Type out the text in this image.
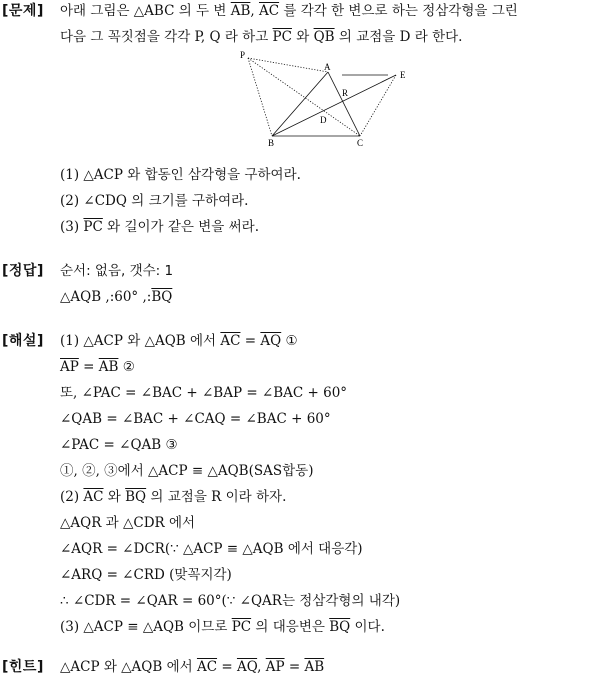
[문제] 아래 그림은 △ABC 의 두 변 $\overline{AB}$, $\overline{AC}$ 를 각각 한 변으로 하는 정삼각형을 그린
다음 그 꼭짓점을 각각 P, Q 라 하고 $\overline{PC}$ 와 $\overline{QB}$ 의 교점을 D 라 한다.
P
A
E
R
D
B	C
(1) △ACP 와 합동인 삼각형을 구하여라.
(2) ∠CDQ 의 크기를 구하여라.
(3) $\overline{PC}$ 와 길이가 같은 변을 써라.
[정답] 순서: 없음, 갯수: 1
△AQB ,:60° $,:\overline{BQ}$
[해설] (1) △ACP 와 △AQB 에서 $\overline{AC} = \overline{AQ}$ ①
$\overline{AP} = \overline{AB}$ ②
또, ∠PAC = ∠BAC + ∠BAP = ∠BAC + 60°
∠QAB = ∠BAC + ∠CAQ = ∠BAC + 60°
∠PAC = ∠QAB ③
①, ②, ③에서 △ACP ≡ △AQB(SAS합동)
(2) $\overline{AC}$ 와 $\overline{BQ}$ 의 교점을 R 이라 하자.
△AQR 과 △CDR 에서
∠AQR = ∠DCR(∵ △ACP ≡ △AQB 에서 대응각)
∠ARQ = ∠CRD (맞꼭지각)
∴ ∠CDR = ∠QAR = 60°(∵ ∠QAR는 정삼각형의 내각)
(3) △ACP ≡ △AQB 이므로 $\overline{PC}$ 의 대응변은 $\overline{BQ}$ 이다.
[힌트] △ACP 와 △AQB 에서 $\overline{AC} = \overline{AQ}$, $\overline{AP} = \overline{AB}$
